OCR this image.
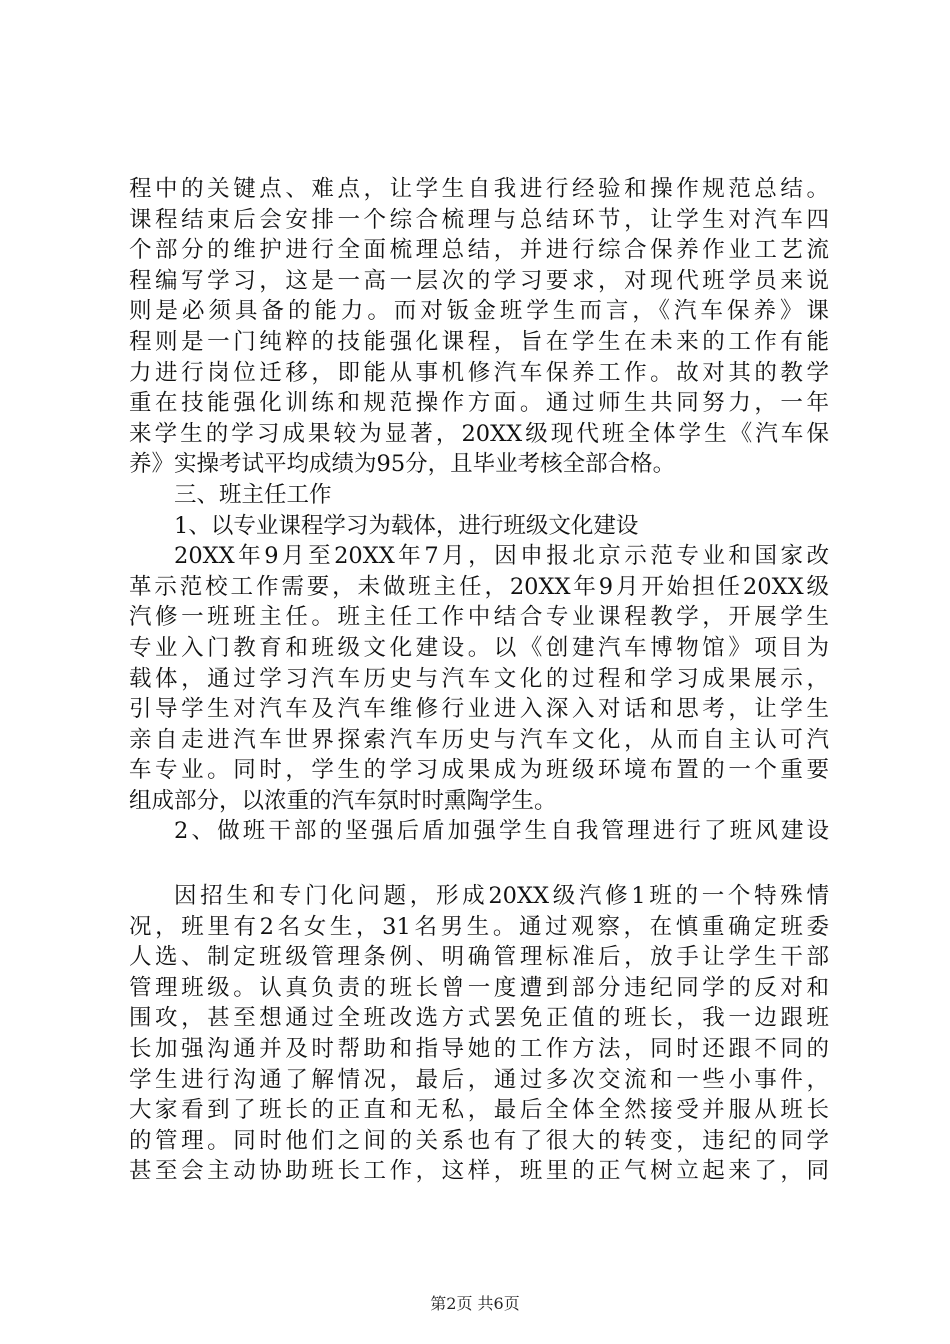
程中的关键点、难点，让学生自我进行经验和操作规范总结。
课程结束后会安排一个综合梳理与总结环节，让学生对汽车四
个部分的维护进行全面梳理总结，并进行综合保养作业工艺流
程编写学习，这是一高一层次的学习要求，对现代班学员来说
则是必须具备的能力。而对钣金班学生而言，《汽车保养》课
程则是一门纯粹的技能强化课程，旨在学生在未来的工作有能
力进行岗位迁移，即能从事机修汽车保养工作。故对其的教学
重在技能强化训练和规范操作方面。通过师生共同努力，一年
来学生的学习成果较为显著，20XX级现代班全体学生《汽车保
养》实操考试平均成绩为95分，且毕业考核全部合格。
三、班主任工作
1、以专业课程学习为载体，进行班级文化建设
20XX年9月至20XX年7月，因申报北京示范专业和国家改
革示范校工作需要，未做班主任，20XX年9月开始担任20XX级
汽修一班班主任。班主任工作中结合专业课程教学，开展学生
专业入门教育和班级文化建设。以《创建汽车博物馆》项目为
载体，通过学习汽车历史与汽车文化的过程和学习成果展示，
引导学生对汽车及汽车维修行业进入深入对话和思考，让学生
亲自走进汽车世界探索汽车历史与汽车文化，从而自主认可汽
车专业。同时，学生的学习成果成为班级环境布置的一个重要
组成部分，以浓重的汽车氛时时熏陶学生。
2、做班干部的坚强后盾加强学生自我管理进行了班风建设
因招生和专门化问题，形成20XX级汽修1班的一个特殊情
况，班里有2名女生，31名男生。通过观察，在慎重确定班委
人选、制定班级管理条例、明确管理标准后，放手让学生干部
管理班级。认真负责的班长曾一度遭到部分违纪同学的反对和
围攻，甚至想通过全班改选方式罢免正值的班长，我一边跟班
长加强沟通并及时帮助和指导她的工作方法，同时还跟不同的
学生进行沟通了解情况，最后，通过多次交流和一些小事件，
大家看到了班长的正直和无私，最后全体全然接受并服从班长
的管理。同时他们之间的关系也有了很大的转变，违纪的同学
甚至会主动协助班长工作，这样，班里的正气树立起来了，同
第2页 共6页
